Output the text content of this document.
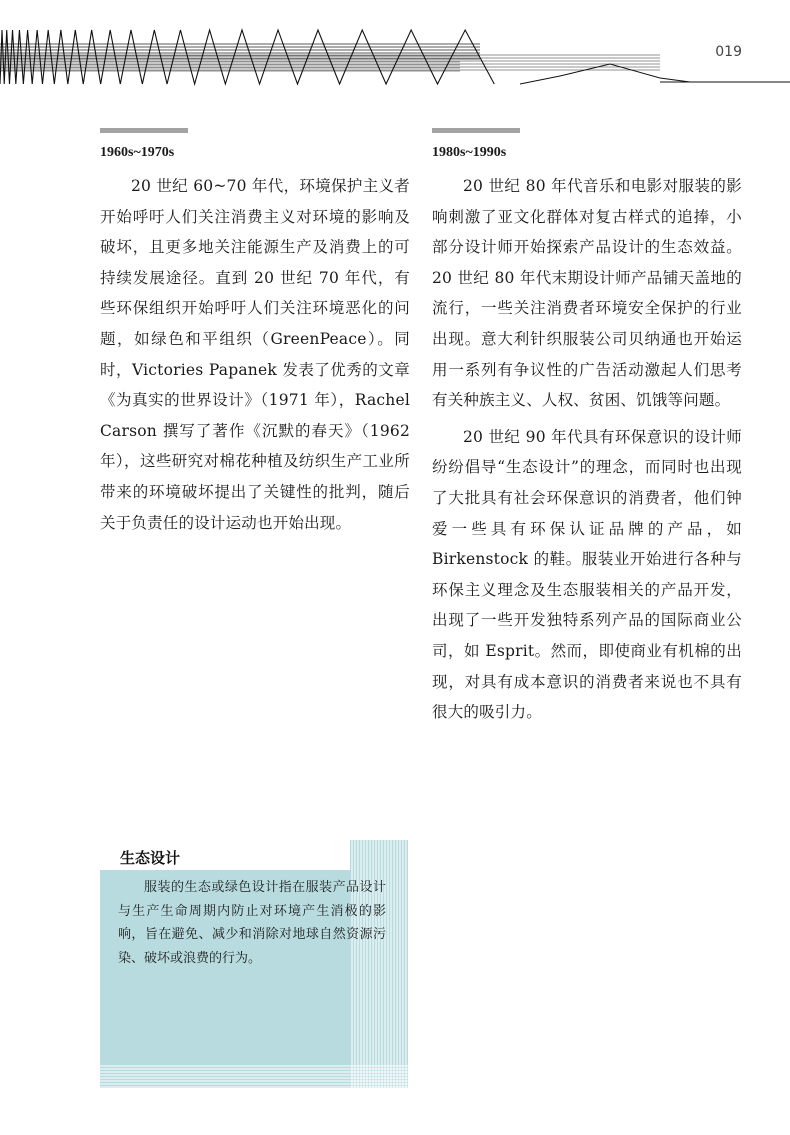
019
1960s~1970s

20 世纪 60~70 年代，环境保护主义者开始呼吁人们关注消费主义对环境的影响及破坏，且更多地关注能源生产及消费上的可持续发展途径。直到 20 世纪 70 年代，有些环保组织开始呼吁人们关注环境恶化的问题，如绿色和平组织（GreenPeace）。同时，Victories Papanek 发表了优秀的文章《为真实的世界设计》（1971 年），Rachel Carson 撰写了著作《沉默的春天》（1962 年），这些研究对棉花种植及纺织生产工业所带来的环境破坏提出了关键性的批判，随后关于负责任的设计运动也开始出现。

1980s~1990s

20 世纪 80 年代音乐和电影对服装的影响刺激了亚文化群体对复古样式的追捧，小部分设计师开始探索产品设计的生态效益。20 世纪 80 年代末期设计师产品铺天盖地的流行，一些关注消费者环境安全保护的行业出现。意大利针织服装公司贝纳通也开始运用一系列有争议性的广告活动激起人们思考有关种族主义、人权、贫困、饥饿等问题。

20 世纪 90 年代具有环保意识的设计师纷纷倡导“生态设计”的理念，而同时也出现了大批具有社会环保意识的消费者，他们钟爱一些具有环保认证品牌的产品，如 Birkenstock 的鞋。服装业开始进行各种与环保主义理念及生态服装相关的产品开发，出现了一些开发独特系列产品的国际商业公司，如 Esprit。然而，即使商业有机棉的出现，对具有成本意识的消费者来说也不具有很大的吸引力。

生态设计

服装的生态或绿色设计指在服装产品设计与生产生命周期内防止对环境产生消极的影响，旨在避免、减少和消除对地球自然资源污染、破坏或浪费的行为。
